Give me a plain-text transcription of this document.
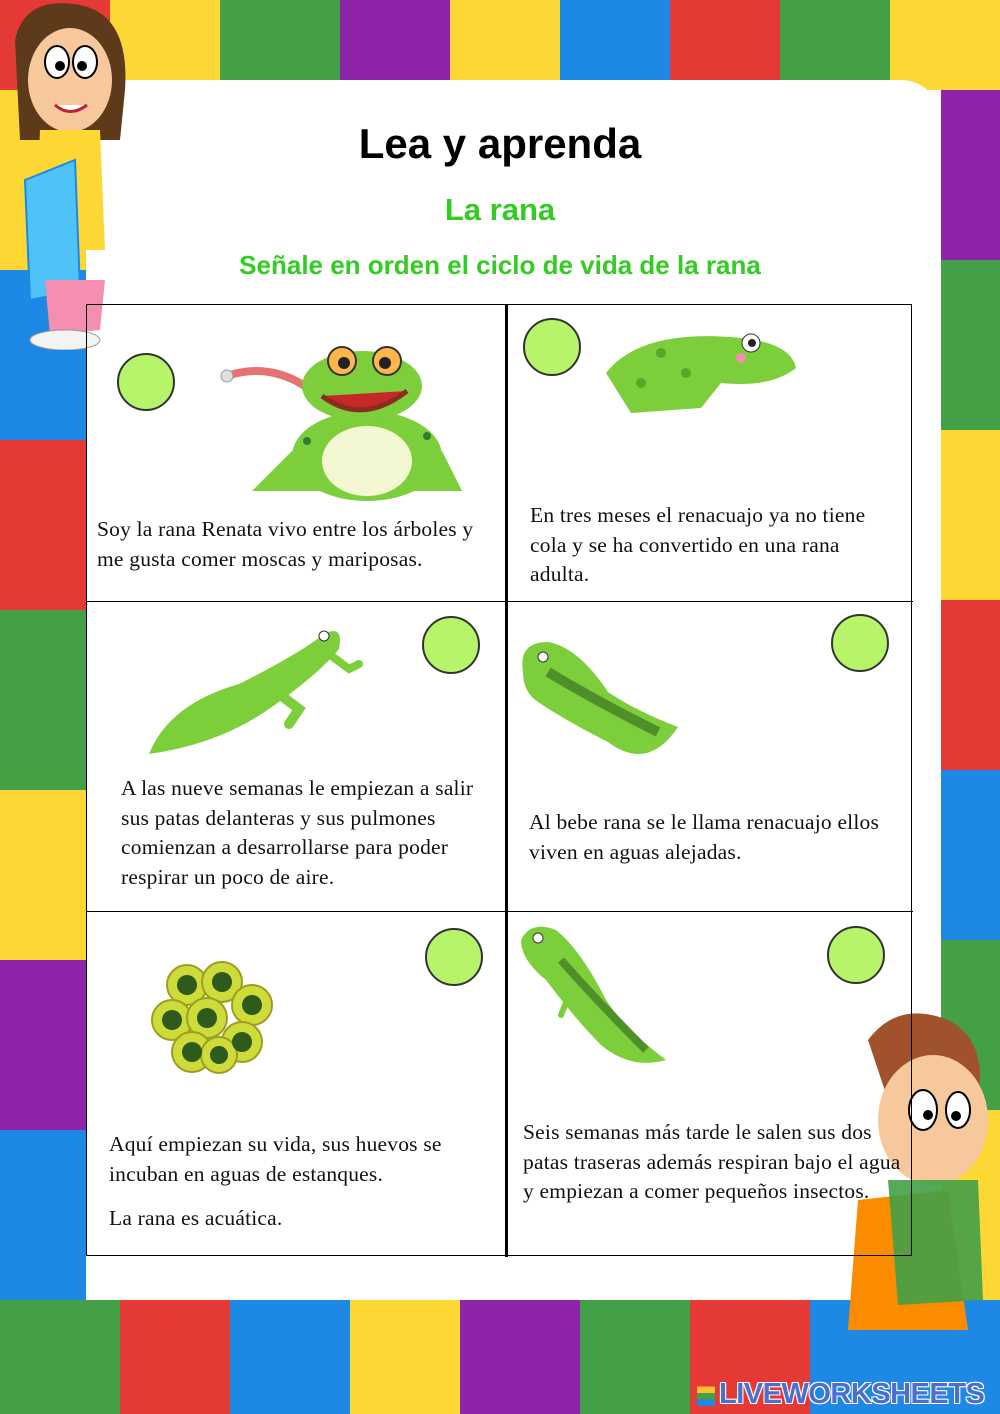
Lea y aprenda
La rana
Señale en orden el ciclo de vida de la rana
Soy la rana Renata vivo entre los árboles y me gusta comer moscas y mariposas.
En tres meses el renacuajo ya no tiene cola y se ha convertido en una rana adulta.
A las nueve semanas le empiezan a salir sus patas delanteras y sus pulmones comienzan a desarrollarse para poder respirar un poco de aire.
Al bebe rana se le llama renacuajo ellos viven en aguas alejadas.
Aquí empiezan su vida, sus huevos se incuban en aguas de estanques.
La rana es acuática.
Seis semanas más tarde le salen sus dos patas traseras además respiran bajo el agua y empiezan a comer pequeños insectos.
LIVEWORKSHEETS
